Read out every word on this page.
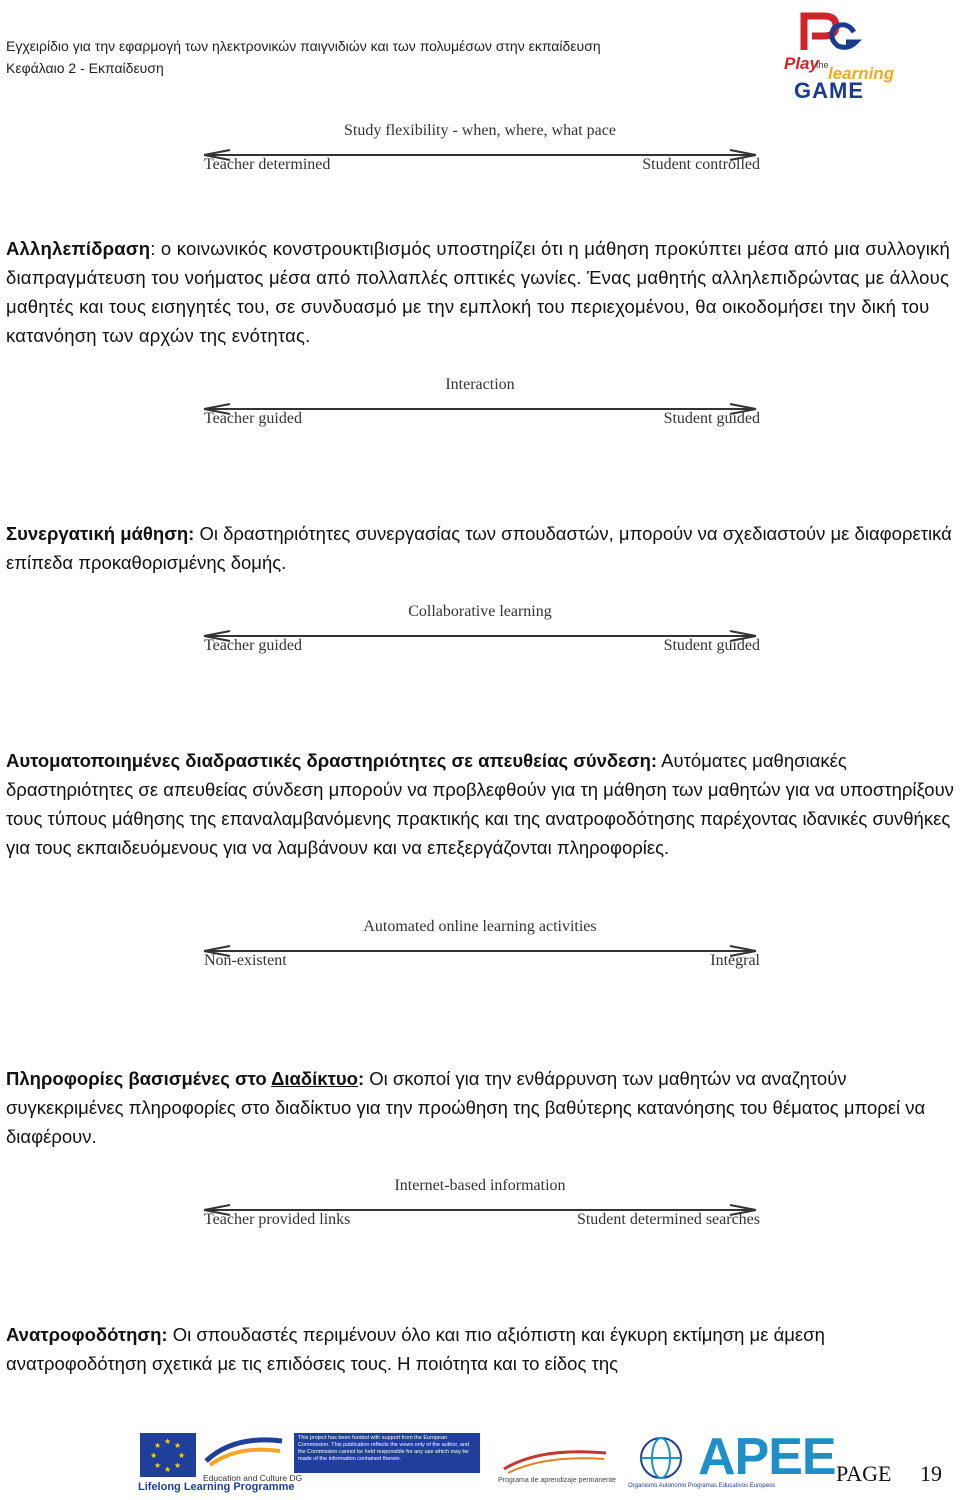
Εγχειρίδιο για την εφαρμογή των ηλεκτρονικών παιγνιδιών και των πολυμέσων στην εκπαίδευση
Κεφάλαιο 2 - Εκπαίδευση	Play
the learning
GAME
Study flexibility - when, where, what pace
Teacher determined	Student controlled
Αλληλεπίδραση: ο κοινωνικός κονστρουκτιβισμός υποστηρίζει ότι η μάθηση προκύπτει μέσα από μια συλλογική διαπραγμάτευση του νοήματος μέσα από πολλαπλές οπτικές γωνίες. Ένας μαθητής αλληλεπιδρώντας με άλλους μαθητές και τους εισηγητές του, σε συνδυασμό με την εμπλοκή του περιεχομένου, θα οικοδομήσει την δική του κατανόηση των αρχών της ενότητας.
Interaction
Teacher guided	Student guided
Συνεργατική μάθηση: Οι δραστηριότητες συνεργασίας των σπουδαστών, μπορούν να σχεδιαστούν με διαφορετικά επίπεδα προκαθορισμένης δομής.
Collaborative learning
Teacher guided	Student guided
Αυτοματοποιημένες διαδραστικές δραστηριότητες σε απευθείας σύνδεση: Αυτόματες μαθησιακές δραστηριότητες σε απευθείας σύνδεση μπορούν να προβλεφθούν για τη μάθηση των μαθητών για να υποστηρίξουν τους τύπους μάθησης της επαναλαμβανόμενης πρακτικής και της ανατροφοδότησης παρέχοντας ιδανικές συνθήκες για τους εκπαιδευόμενους για να λαμβάνουν και να επεξεργάζονται πληροφορίες.
Automated online learning activities
Non-existent	Integral
Πληροφορίες βασισμένες στο Διαδίκτυο: Οι σκοποί για την ενθάρρυνση των μαθητών να αναζητούν συγκεκριμένες πληροφορίες στο διαδίκτυο για την προώθηση της βαθύτερης κατανόησης του θέματος μπορεί να διαφέρουν.
Internet-based information
Teacher provided links	Student determined searches
Ανατροφοδότηση: Οι σπουδαστές περιμένουν όλο και πιο αξιόπιστη και έγκυρη εκτίμηση με άμεση ανατροφοδότηση σχετικά με τις επιδόσεις τους. Η ποιότητα και το είδος της
★ ★
★
★
★
★
★
★
Lifelong Learning Programme
Education and Culture DG
This project has been funded with support from the European Commission. This publication reflects the views only of the author, and the Commission cannot be held responsible for any use which may be made of the information contained therein.
Programa de aprendizaje permanente
Organismo Autonomo Programas Educativos Europeos
APEE PAGE 19
